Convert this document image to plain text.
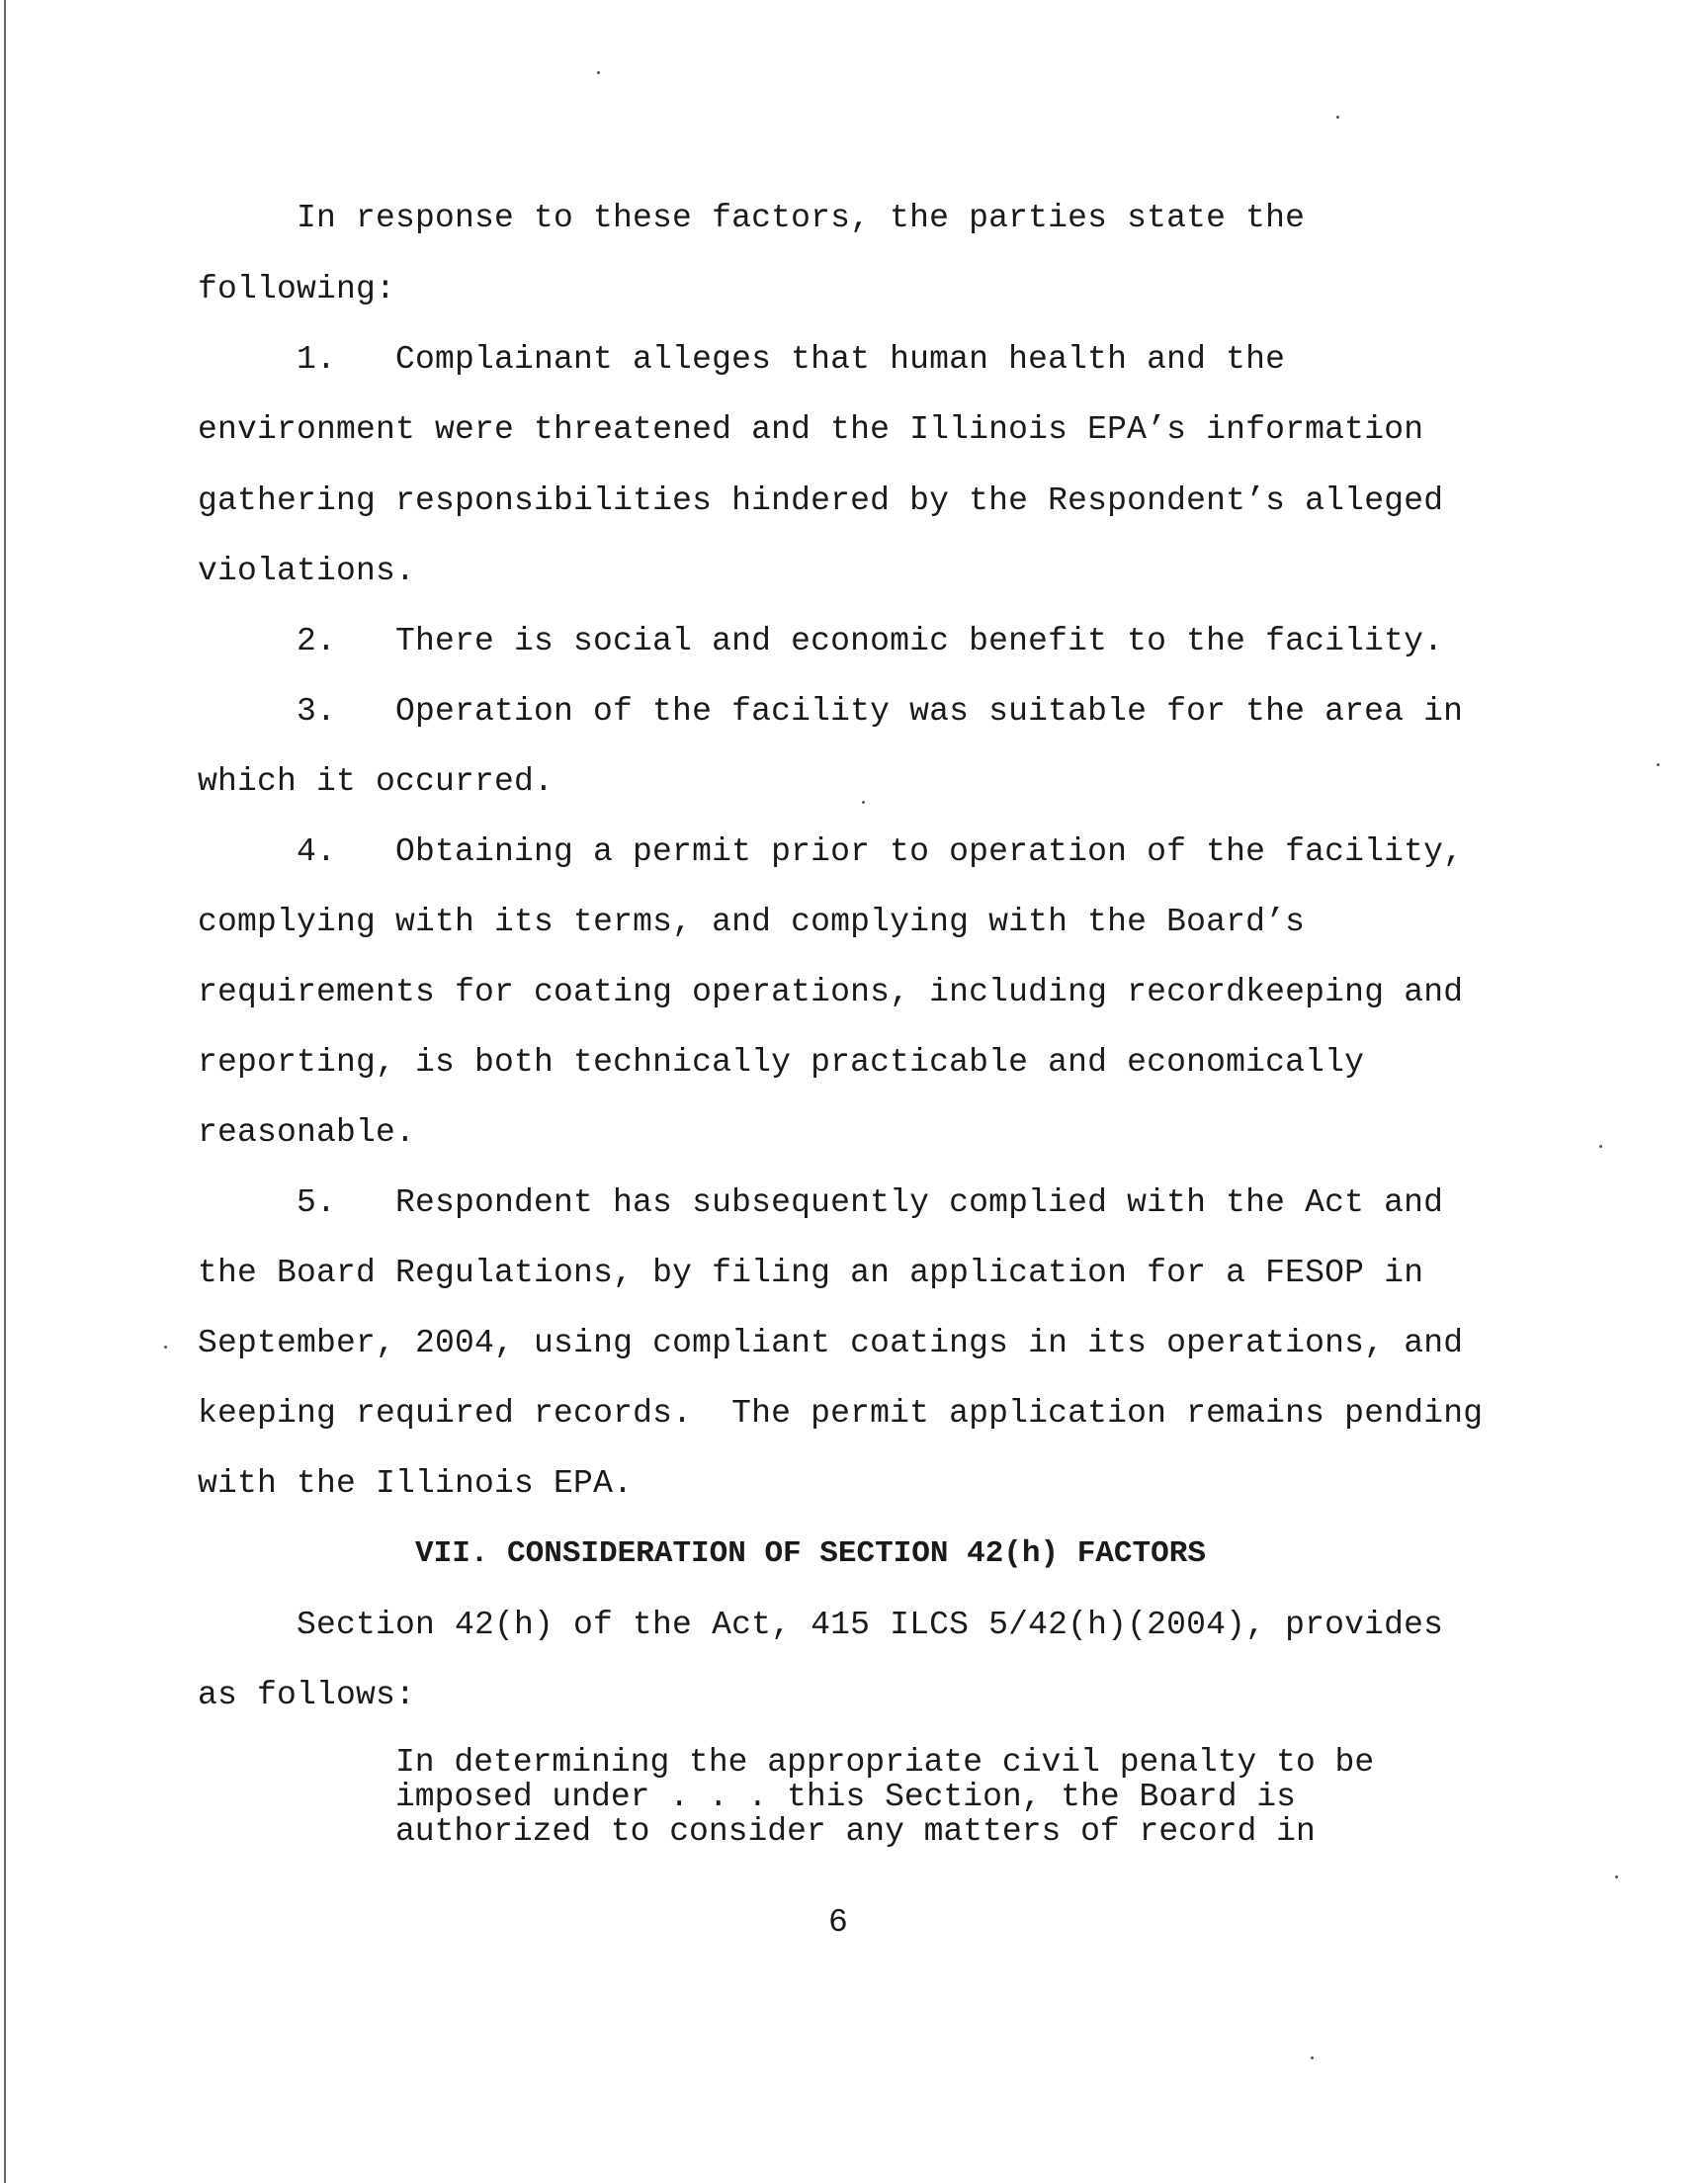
In response to these factors, the parties state the
following:
1.   Complainant alleges that human health and the
environment were threatened and the Illinois EPA’s information
gathering responsibilities hindered by the Respondent’s alleged
violations.
2.   There is social and economic benefit to the facility.
3.   Operation of the facility was suitable for the area in
which it occurred.
4.   Obtaining a permit prior to operation of the facility,
complying with its terms, and complying with the Board’s
requirements for coating operations, including recordkeeping and
reporting, is both technically practicable and economically
reasonable.
5.   Respondent has subsequently complied with the Act and
the Board Regulations, by filing an application for a FESOP in
September, 2004, using compliant coatings in its operations, and
keeping required records.  The permit application remains pending
with the Illinois EPA.
VII. CONSIDERATION OF SECTION 42(h) FACTORS
Section 42(h) of the Act, 415 ILCS 5/42(h)(2004), provides
as follows:
In determining the appropriate civil penalty to be
imposed under . . . this Section, the Board is
authorized to consider any matters of record in
6
